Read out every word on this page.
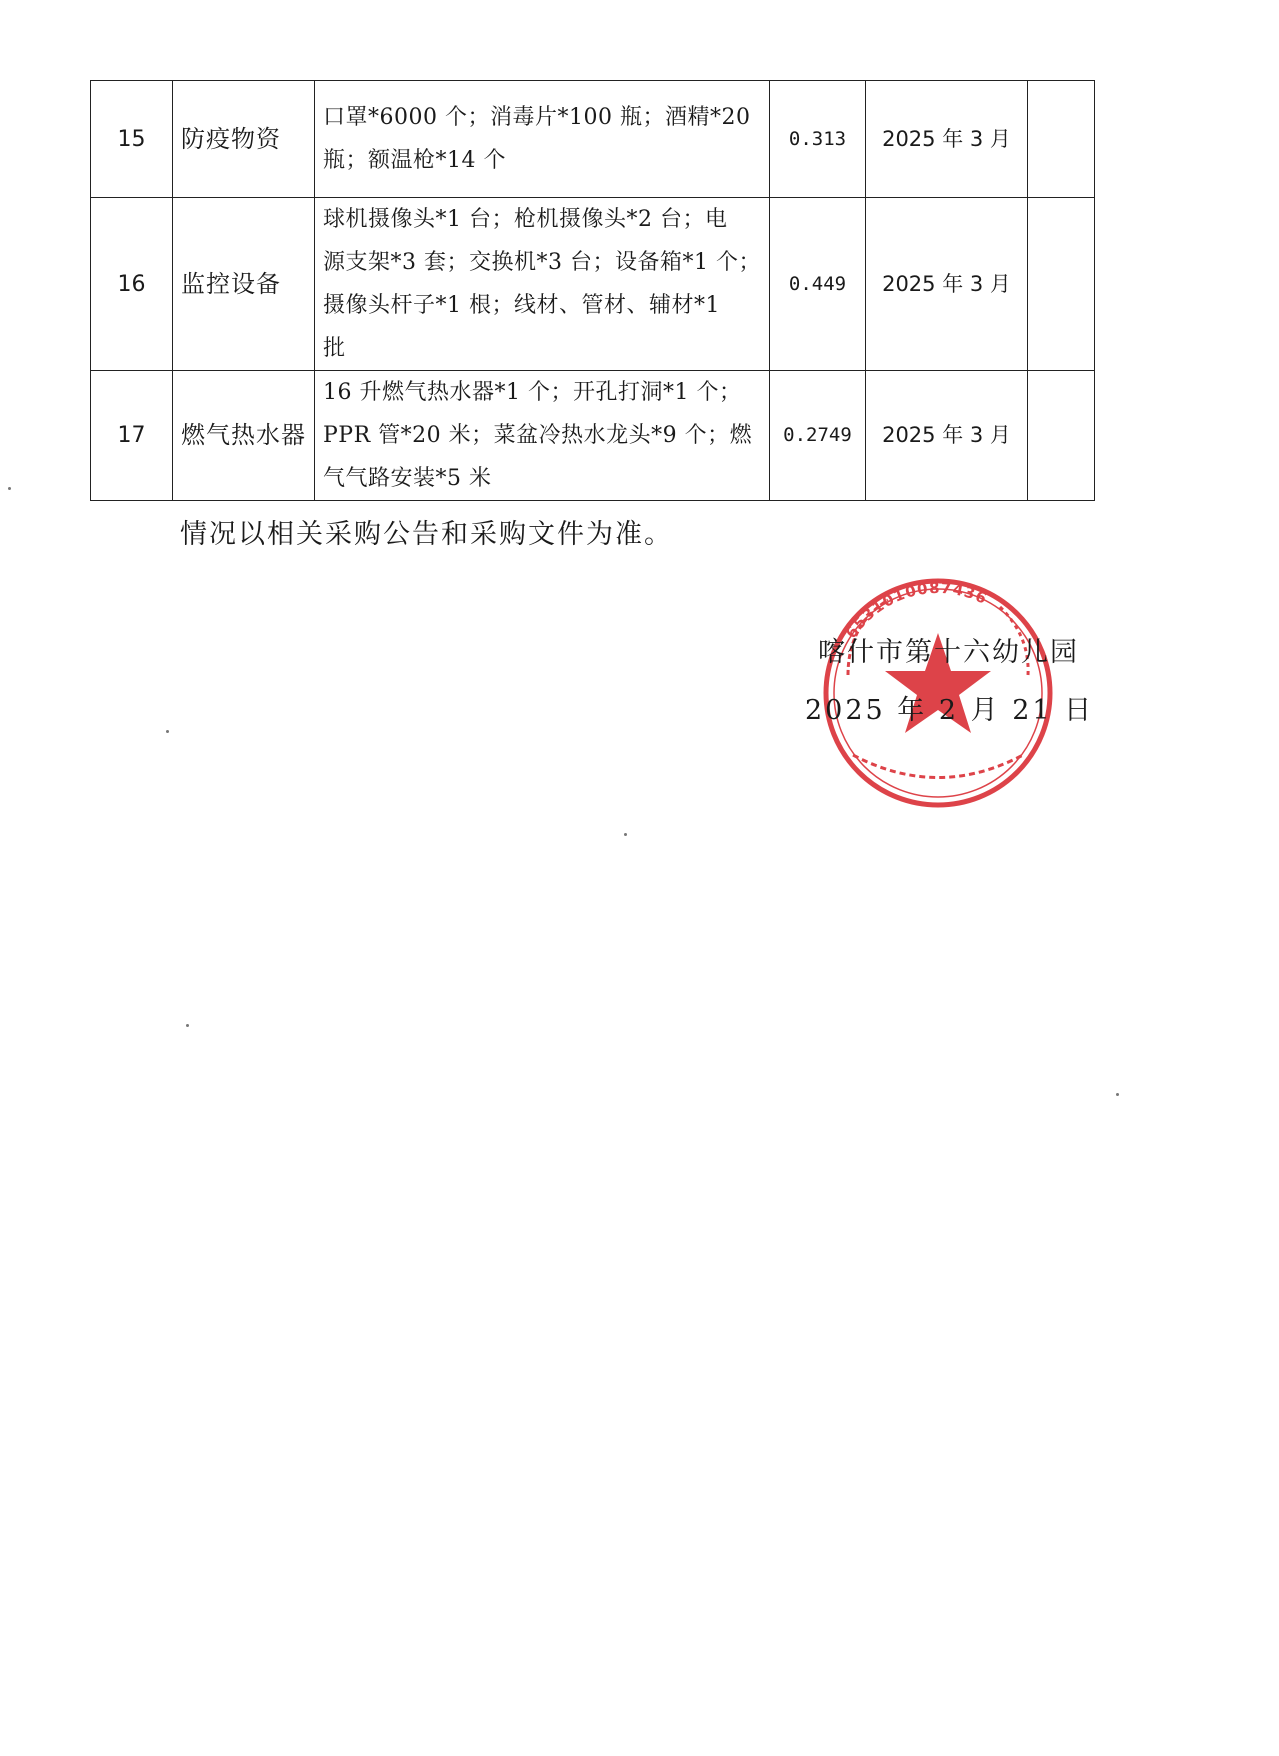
15	防疫物资	口罩*6000 个；消毒片*100 瓶；酒精*20
瓶；额温枪*14 个	0.313	2025 年 3 月	
16	监控设备	球机摄像头*1 台；枪机摄像头*2 台；电
源支架*3 套；交换机*3 台；设备箱*1 个；
摄像头杆子*1 根；线材、管材、辅材*1
批	0.449	2025 年 3 月	
17	燃气热水器	16 升燃气热水器*1 个；开孔打洞*1 个；
PPR 管*20 米；菜盆冷热水龙头*9 个；燃
气气路安装*5 米	0.2749	2025 年 3 月	
情况以相关采购公告和采购文件为准。
6531010087436
喀什市第十六幼儿园
2025 年 2 月 21 日
